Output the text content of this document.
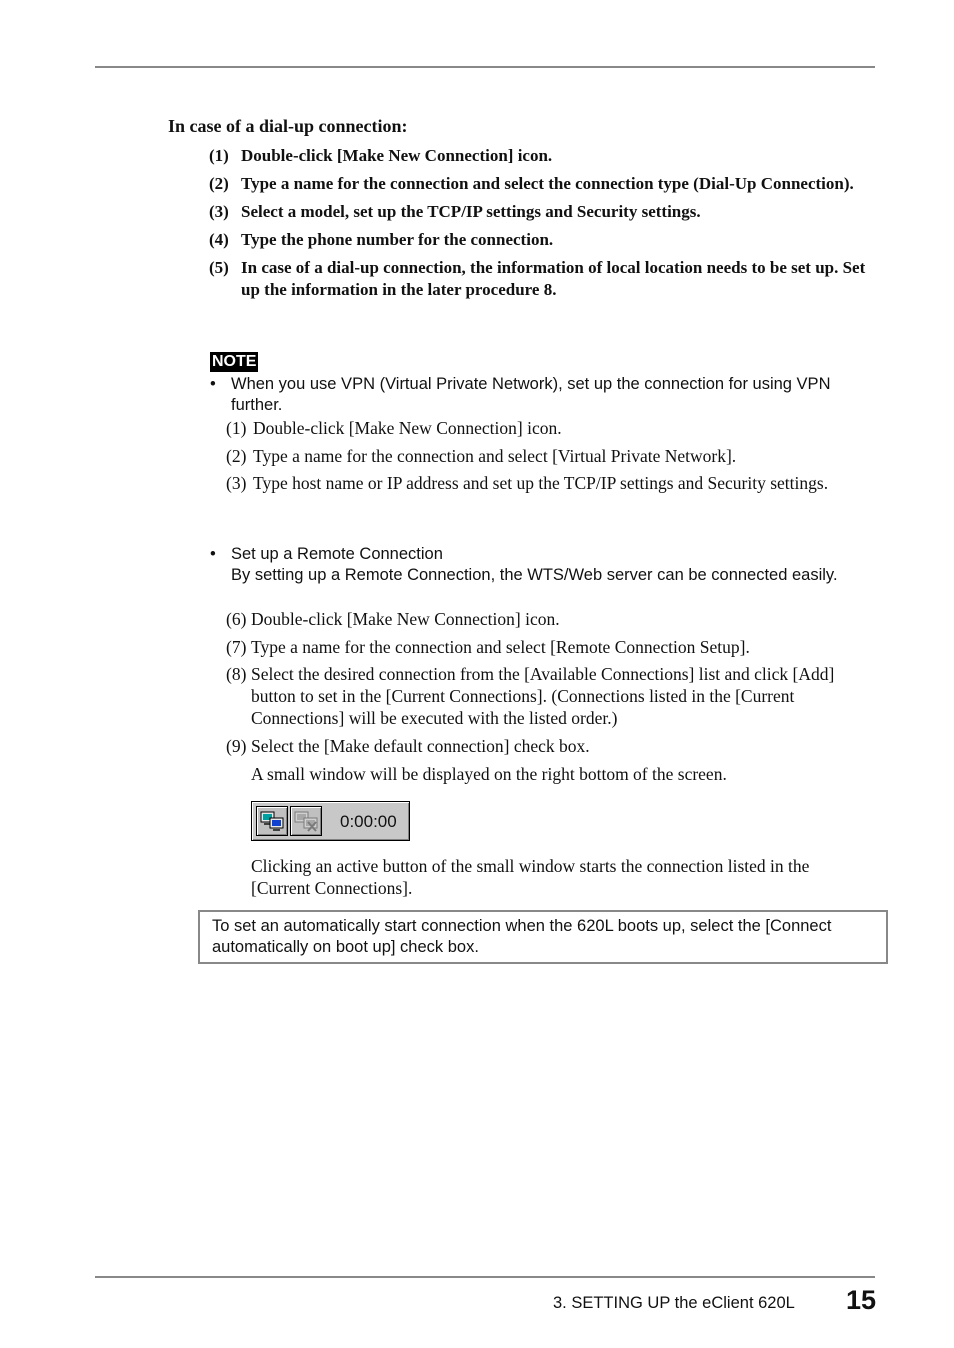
In case of a dial-up connection:
(1) Double-click [Make New Connection] icon.
(2) Type a name for the connection and select the connection type (Dial-Up Connection).
(3) Select a model, set up the TCP/IP settings and Security settings.
(4) Type the phone number for the connection.
(5) In case of a dial-up connection, the information of local location needs to be set up. Set up the information in the later procedure 8.
NOTE
• When you use VPN (Virtual Private Network), set up the connection for using VPN further.
(1) Double-click [Make New Connection] icon.
(2) Type a name for the connection and select [Virtual Private Network].
(3) Type host name or IP address and set up the TCP/IP settings and Security settings.
• Set up a Remote Connection
By setting up a Remote Connection, the WTS/Web server can be connected easily.
(6) Double-click [Make New Connection] icon.
(7) Type a name for the connection and select [Remote Connection Setup].
(8) Select the desired connection from the [Available Connections] list and click [Add] button to set in the [Current Connections]. (Connections listed in the [Current Connections] will be executed with the listed order.)
(9) Select the [Make default connection] check box.
A small window will be displayed on the right bottom of the screen.
0:00:00
Clicking an active button of the small window starts the connection listed in the [Current Connections].
To set an automatically start connection when the 620L boots up, select the [Connect automatically on boot up] check box.
3. SETTING UP the eClient 620L 15
